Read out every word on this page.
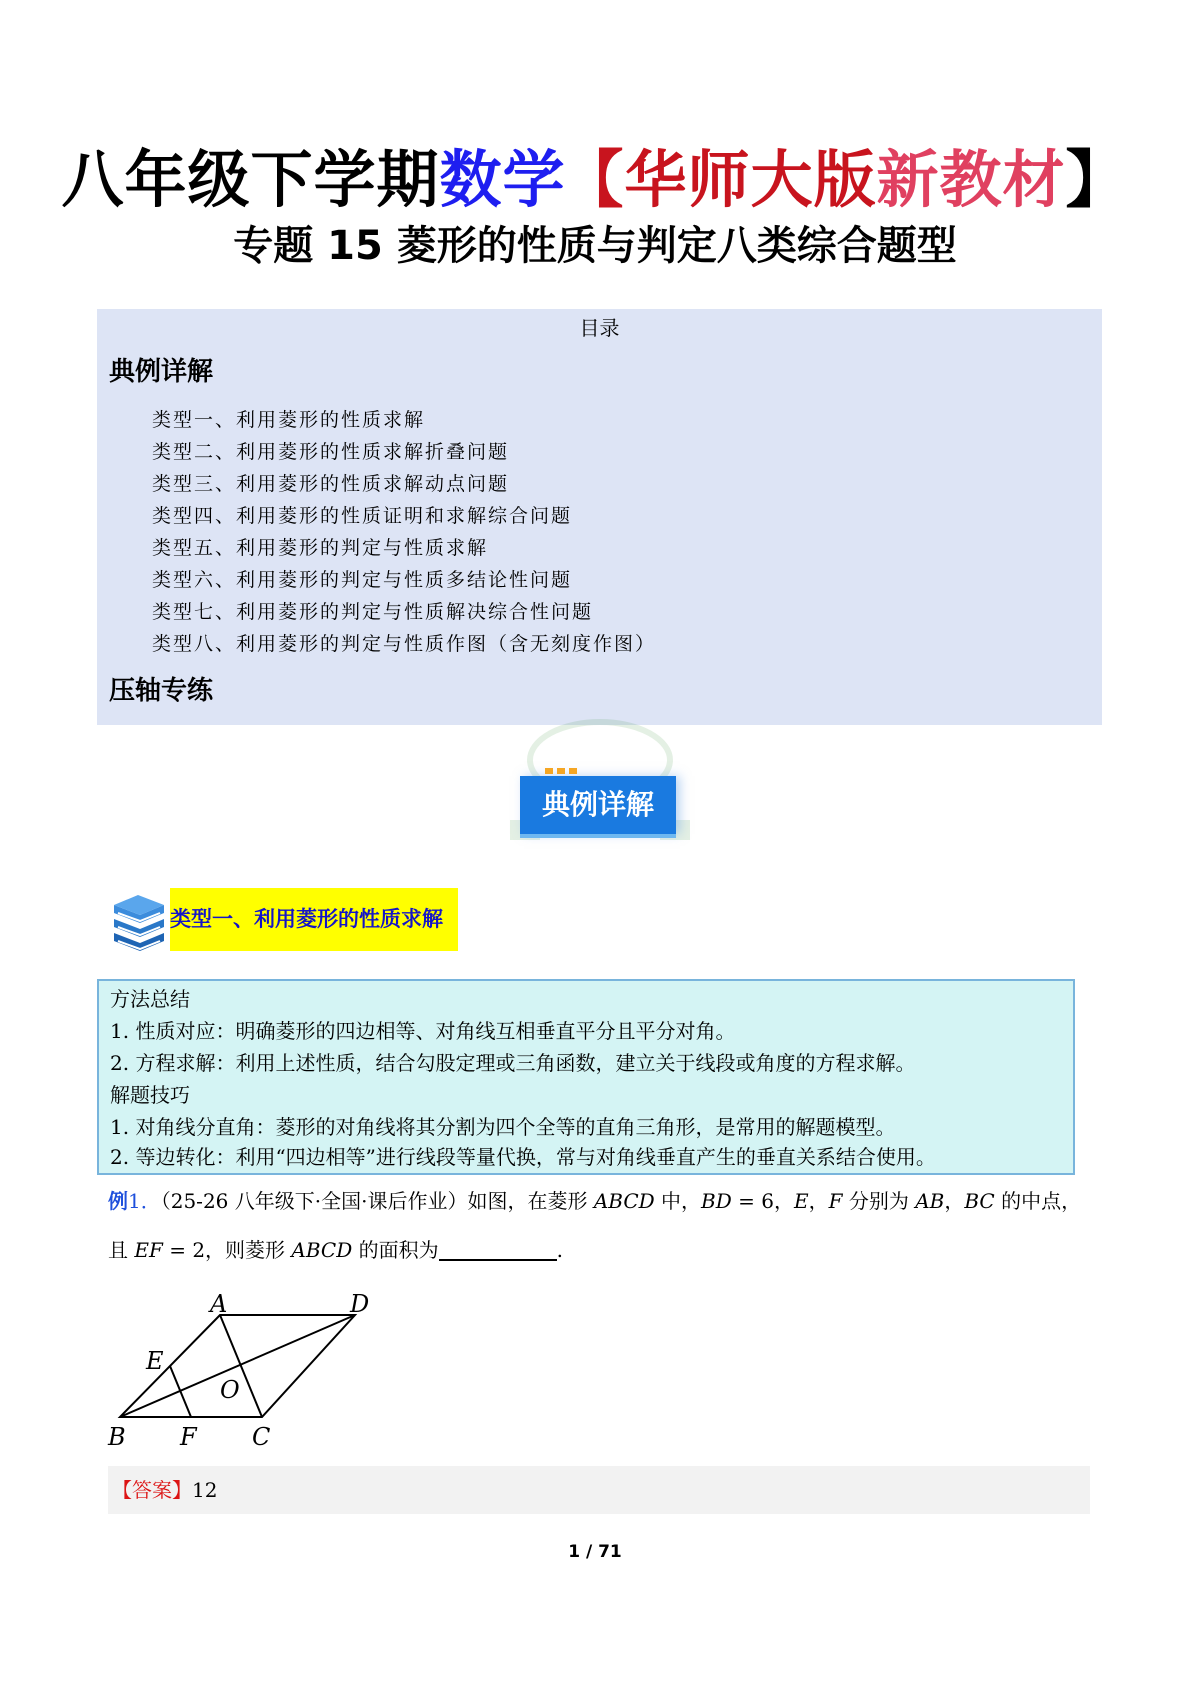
八年级下学期数学【华师大版新教材】
专题 15 菱形的性质与判定八类综合题型
目录
典例详解
类型一、利用菱形的性质求解
类型二、利用菱形的性质求解折叠问题
类型三、利用菱形的性质求解动点问题
类型四、利用菱形的性质证明和求解综合问题
类型五、利用菱形的判定与性质求解
类型六、利用菱形的判定与性质多结论性问题
类型七、利用菱形的判定与性质解决综合性问题
类型八、利用菱形的判定与性质作图（含无刻度作图）
压轴专练
典例详解
类型一、利用菱形的性质求解
方法总结
1. 性质对应：明确菱形的四边相等、对角线互相垂直平分且平分对角。
2. 方程求解：利用上述性质，结合勾股定理或三角函数，建立关于线段或角度的方程求解。
解题技巧
1. 对角线分直角：菱形的对角线将其分割为四个全等的直角三角形，是常用的解题模型。
2. 等边转化：利用“四边相等”进行线段等量代换，常与对角线垂直产生的垂直关系结合使用。
例1．（25-26 八年级下·全国·课后作业）如图，在菱形 ABCD 中，BD = 6，E，F 分别为 AB，BC 的中点，
且 EF = 2，则菱形 ABCD 的面积为	.
A	D
E
O
B F C
【答案】12
1 / 71
